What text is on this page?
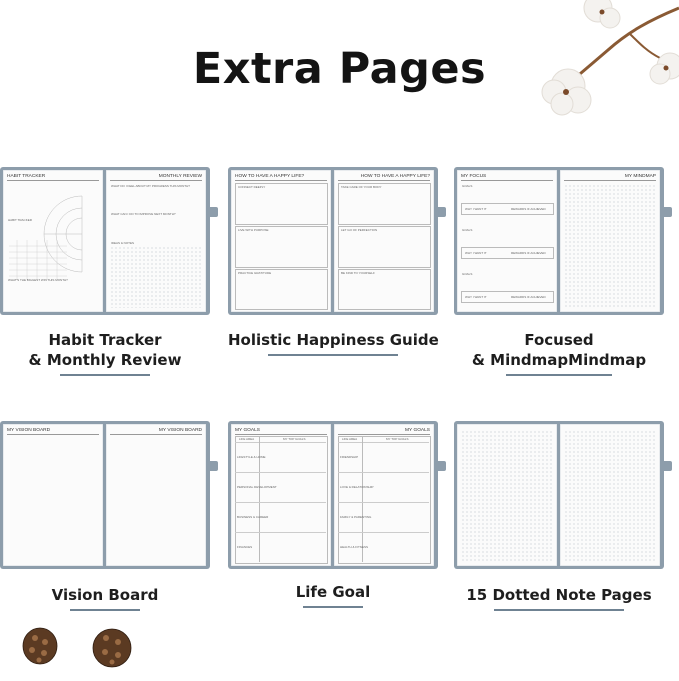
Extra Pages
HABIT TRACKER
HABIT TRACKER
WHAT'S THE BIGGEST WIN THIS MONTH?
MONTHLY REVIEW
WHAT DO I FEEL ABOUT MY PROGRESS THIS MONTH?
WHAT CAN I DO TO IMPROVE NEXT MONTH?
IDEAS & NOTES
Habit Tracker
& Monthly Review
HOW TO HAVE A HAPPY LIFE?
CONNECT DEEPLY
LIVE WITH PURPOSE
PRACTICE GRATITUDE
HOW TO HAVE A HAPPY LIFE?
TAKE CARE OF YOUR BODY
LET GO OF PERFECTION
BE KIND TO YOURSELF
Holistic Happiness Guide
MY FOCUS
GOALS
WHY I WANT IT	REWARDS IF ACHIEVED
GOALS
WHY I WANT IT	REWARDS IF ACHIEVED
GOALS
WHY I WANT IT	REWARDS IF ACHIEVED
MY MINDMAP
Focused
& MindmapMindmap
MY VISION BOARD	MY VISION BOARD
Vision Board
MY GOALS
LIFE AREA	MY TOP GOALS
LIFESTYLE & HOME
PERSONAL DEVELOPMENT
BUSINESS & CAREER
FINANCES
MY GOALS
LIFE AREA	MY TOP GOALS
FRIENDSHIP
LOVE & RELATIONSHIP
FAMILY & PARENTING
HEALTH & FITNESS
Life Goal	15 Dotted Note Pages
